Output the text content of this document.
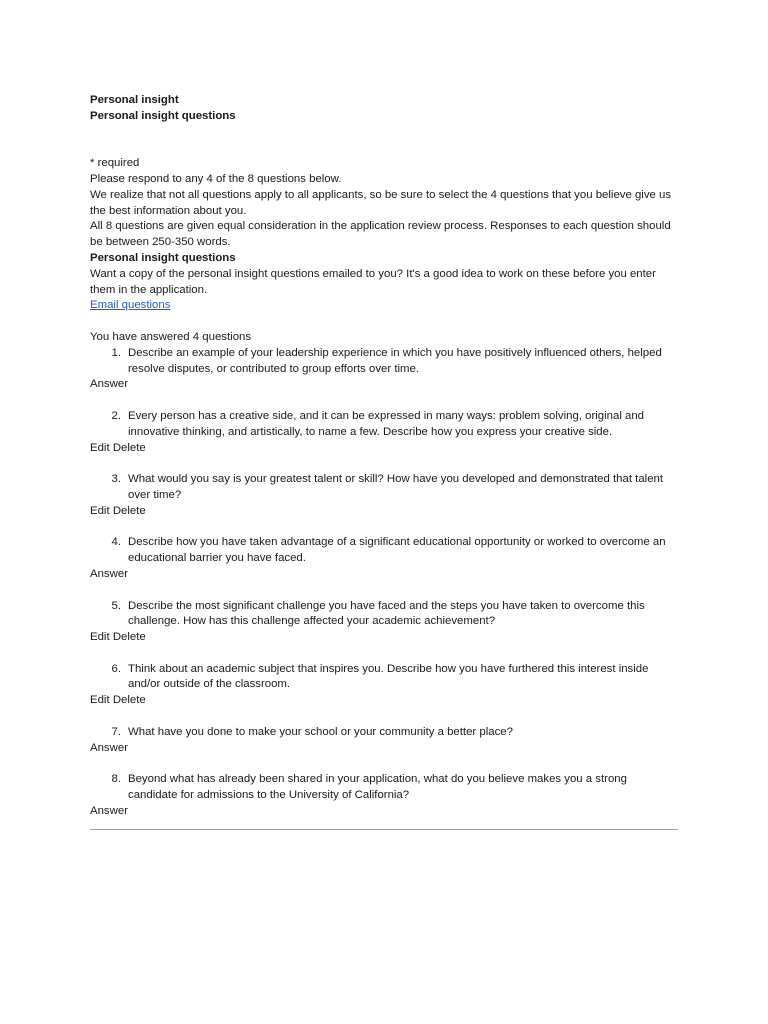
Personal insight
Personal insight questions
* required
Please respond to any 4 of the 8 questions below.
We realize that not all questions apply to all applicants, so be sure to select the 4 questions that you believe give us the best information about you.
All 8 questions are given equal consideration in the application review process. Responses to each question should be between 250-350 words.
Personal insight questions
Want a copy of the personal insight questions emailed to you? It's a good idea to work on these before you enter them in the application.
Email questions
You have answered 4 questions
1. Describe an example of your leadership experience in which you have positively influenced others, helped resolve disputes, or contributed to group efforts over time.
Answer
2. Every person has a creative side, and it can be expressed in many ways: problem solving, original and innovative thinking, and artistically, to name a few. Describe how you express your creative side.
Edit Delete
3. What would you say is your greatest talent or skill? How have you developed and demonstrated that talent over time?
Edit Delete
4. Describe how you have taken advantage of a significant educational opportunity or worked to overcome an educational barrier you have faced.
Answer
5. Describe the most significant challenge you have faced and the steps you have taken to overcome this challenge. How has this challenge affected your academic achievement?
Edit Delete
6. Think about an academic subject that inspires you. Describe how you have furthered this interest inside and/or outside of the classroom.
Edit Delete
7. What have you done to make your school or your community a better place?
Answer
8. Beyond what has already been shared in your application, what do you believe makes you a strong candidate for admissions to the University of California?
Answer
